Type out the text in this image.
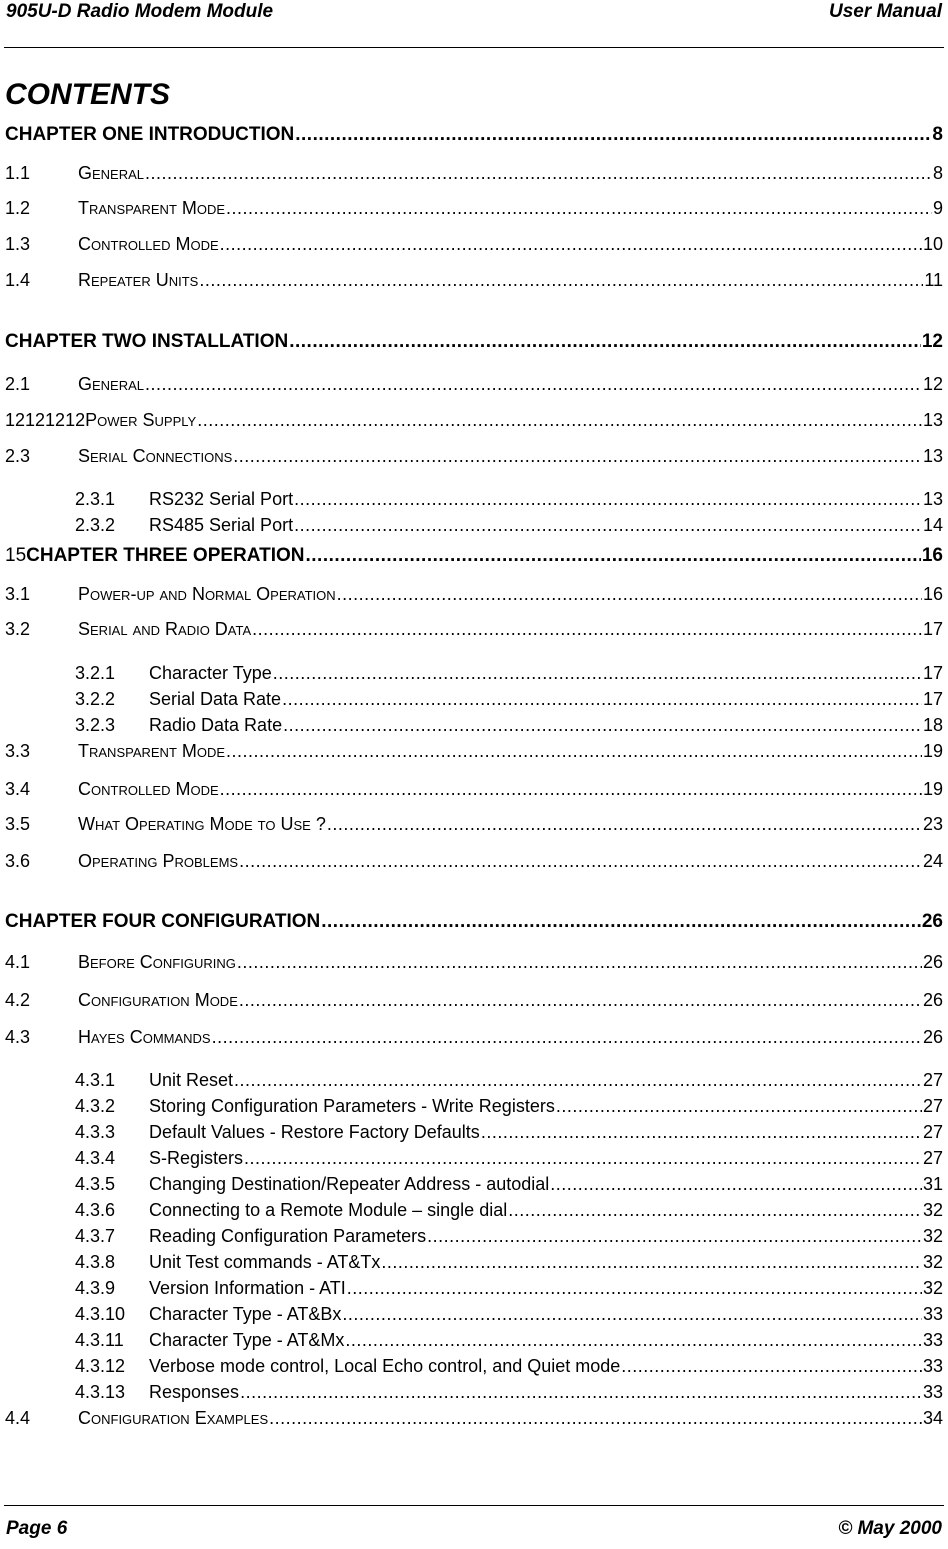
905U-D Radio Modem Module	User Manual
CONTENTS
CHAPTER ONE INTRODUCTION .....	8
1.1	General .....	8
1.2	Transparent Mode .....	9
1.3	Controlled Mode .....	10
1.4	Repeater Units .....	11
CHAPTER TWO INSTALLATION .....	12
2.1	General .....	12
12121212 Power Supply .....	13
2.3	Serial Connections .....	13
2.3.1	RS232 Serial Port .....	13
2.3.2	RS485 Serial Port .....	14
15 CHAPTER THREE OPERATION .....	16
3.1	Power-up and Normal Operation .....	16
3.2	Serial and Radio Data .....	17
3.2.1	Character Type .....	17
3.2.2	Serial Data Rate .....	17
3.2.3	Radio Data Rate .....	18
3.3	Transparent Mode .....	19
3.4	Controlled Mode .....	19
3.5	What Operating Mode to Use ? .....	23
3.6	Operating Problems .....	24
CHAPTER FOUR CONFIGURATION .....	26
4.1	Before Configuring .....	26
4.2	Configuration Mode .....	26
4.3	Hayes Commands .....	26
4.3.1	Unit Reset .....	27
4.3.2	Storing Configuration Parameters - Write Registers .....	27
4.3.3	Default Values - Restore Factory Defaults .....	27
4.3.4	S-Registers .....	27
4.3.5	Changing Destination/Repeater Address - autodial .....	31
4.3.6	Connecting to a Remote Module – single dial .....	32
4.3.7	Reading Configuration Parameters .....	32
4.3.8	Unit Test commands - AT&Tx .....	32
4.3.9	Version Information - ATI .....	32
4.3.10	Character Type - AT&Bx .....	33
4.3.11	Character Type - AT&Mx .....	33
4.3.12	Verbose mode control, Local Echo control, and Quiet mode .....	33
4.3.13	Responses .....	33
4.4	Configuration Examples .....	34
Page 6	© May 2000
